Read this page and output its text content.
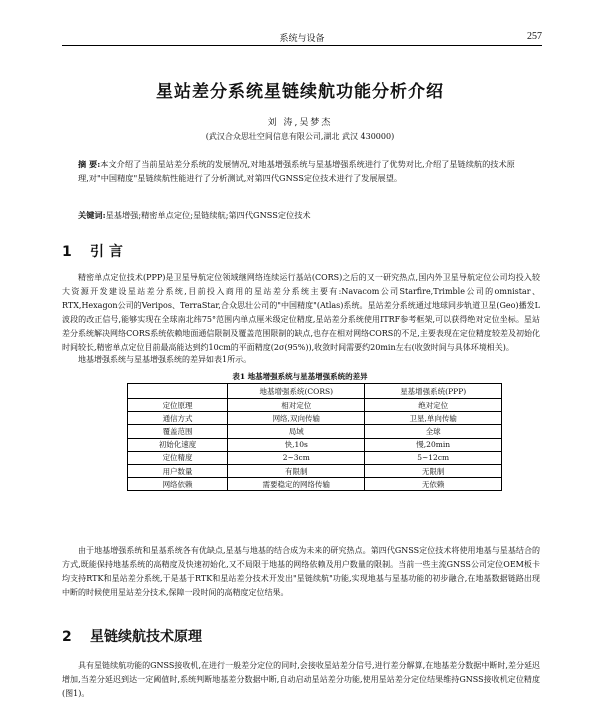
系统与设备	257
星站差分系统星链续航功能分析介绍
刘 涛,吴梦杰
(武汉合众思壮空间信息有限公司,湖北 武汉 430000)
摘 要:本文介绍了当前星站差分系统的发展情况,对地基增强系统与星基增强系统进行了优势对比,介绍了星链续航的技术原理,对"中国精度"星链续航性能进行了分析测试,对第四代GNSS定位技术进行了发展展望。
关键词:星基增强;精密单点定位;星链续航;第四代GNSS定位技术
1 引 言
精密单点定位技术(PPP)是卫星导航定位领域继网络连续运行基站(CORS)之后的又一研究热点,国内外卫星导航定位公司均投入较大资源开发建设星站差分系统,目前投入商用的星站差分系统主要有:Navacom公司Starfire,Trimble公司的omnistar、RTX,Hexagon公司的Veripos、TerraStar,合众思壮公司的"中国精度"(Atlas)系统。星站差分系统通过地球同步轨道卫星(Geo)播发L波段的改正信号,能够实现在全球南北纬75°范围内单点厘米级定位精度,星站差分系统使用ITRF参考框架,可以获得绝对定位坐标。星站差分系统解决网络CORS系统依赖地面通信限制及覆盖范围限制的缺点,也存在相对网络CORS的不足,主要表现在定位精度较差及初始化时间较长,精密单点定位目前最高能达到约10cm的平面精度(2σ(95%)),收敛时间需要约20min左右(收敛时间与具体环境相关)。
地基增强系统与星基增强系统的差异如表1所示。
表1 地基增强系统与星基增强系统的差异
	地基增强系统(CORS)	星基增强系统(PPP)
定位原理	相对定位	绝对定位
通信方式	网络,双向传输	卫星,单向传输
覆盖范围	局域	全球
初始化速度	快,10s	慢,20min
定位精度	2~3cm	5~12cm
用户数量	有限制	无限制
网络依赖	需要稳定的网络传输	无依赖
由于地基增强系统和星基系统各有优缺点,星基与地基的结合成为未来的研究热点。第四代GNSS定位技术将使用地基与星基结合的方式,既能保持地基系统的高精度及快速初始化,又不局限于地基的网络依赖及用户数量的限制。当前一些主流GNSS公司定位OEM板卡均支持RTK和星站差分系统,于是基于RTK和星站差分技术开发出"星链续航"功能,实现地基与星基功能的初步融合,在地基数据链路出现中断的时候使用星站差分技术,保障一段时间的高精度定位结果。
2 星链续航技术原理
具有星链续航功能的GNSS接收机,在进行一般差分定位的同时,会接收星站差分信号,进行差分解算,在地基差分数据中断时,差分延迟增加,当差分延迟到达一定阈值时,系统判断地基差分数据中断,自动启动星站差分功能,使用星站差分定位结果维持GNSS接收机定位精度(图1)。
